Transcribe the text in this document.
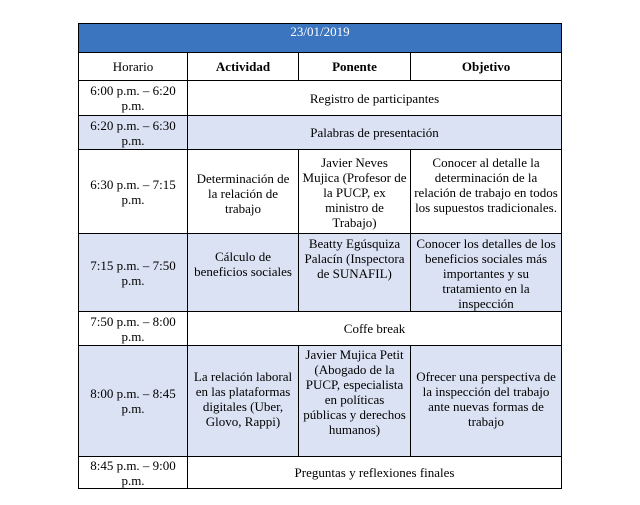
23/01/2019			
Horario	Actividad	Ponente	Objetivo
6:00 p.m. – 6:20 p.m.	Registro de participantes		
6:20 p.m. – 6:30 p.m.	Palabras de presentación		
6:30 p.m. – 7:15 p.m.	Determinación de la relación de trabajo	Javier Neves Mujica (Profesor de la PUCP, ex ministro de Trabajo)	Conocer al detalle la determinación de la relación de trabajo en todos los supuestos tradicionales.

7:15 p.m. – 7:50 p.m.	Cálculo de beneficios sociales	Beatty Egúsquiza Palacín (Inspectora de SUNAFIL)	Conocer los detalles de los beneficios sociales más importantes y su tratamiento en la inspección

7:50 p.m. – 8:00 p.m.	Coffe break		
8:00 p.m. – 8:45 p.m.	La relación laboral en las plataformas digitales (Uber, Glovo, Rappi)	Javier Mujica Petit (Abogado de la PUCP, especialista en políticas públicas y derechos humanos)	Ofrecer una perspectiva de la inspección del trabajo ante nuevas formas de trabajo

8:45 p.m. – 9:00 p.m.	Preguntas y reflexiones finales		
